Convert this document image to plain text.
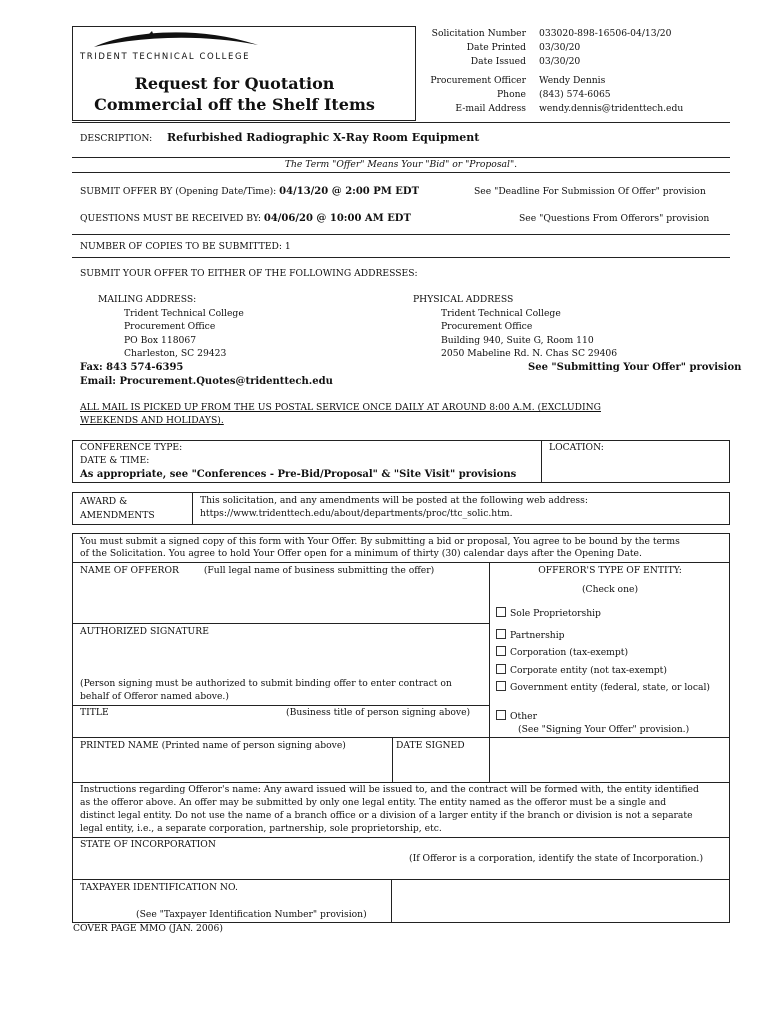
TRIDENT TECHNICAL COLLEGE
Request for Quotation
Commercial off the Shelf Items
Solicitation Number 033020-898-16506-04/13/20
Date Printed 03/30/20
Date Issued 03/30/20
Procurement Officer Wendy Dennis
Phone (843) 574-6065
E-mail Address wendy.dennis@tridenttech.edu
DESCRIPTION: Refurbished Radiographic X-Ray Room Equipment
The Term "Offer" Means Your "Bid" or "Proposal".
SUBMIT OFFER BY (Opening Date/Time): 04/13/20 @ 2:00 PM EDT	See "Deadline For Submission Of Offer" provision
QUESTIONS MUST BE RECEIVED BY: 04/06/20 @ 10:00 AM EDT	See "Questions From Offerors" provision
NUMBER OF COPIES TO BE SUBMITTED: 1
SUBMIT YOUR OFFER TO EITHER OF THE FOLLOWING ADDRESSES:
MAILING ADDRESS:
Trident Technical College
Procurement Office
PO Box 118067
Charleston, SC 29423
PHYSICAL ADDRESS
Trident Technical College
Procurement Office
Building 940, Suite G, Room 110
2050 Mabeline Rd. N. Chas SC 29406
Fax: 843 574-6395	See "Submitting Your Offer" provision
Email: Procurement.Quotes@tridenttech.edu
ALL MAIL IS PICKED UP FROM THE US POSTAL SERVICE ONCE DAILY AT AROUND 8:00 A.M. (EXCLUDING
WEEKENDS AND HOLIDAYS).
CONFERENCE TYPE:
DATE & TIME:
As appropriate, see "Conferences - Pre-Bid/Proposal" & "Site Visit" provisions
LOCATION:
AWARD &
AMENDMENTS
This solicitation, and any amendments will be posted at the following web address:
https://www.tridenttech.edu/about/departments/proc/ttc_solic.htm.
You must submit a signed copy of this form with Your Offer. By submitting a bid or proposal, You agree to be bound by the terms
of the Solicitation. You agree to hold Your Offer open for a minimum of thirty (30) calendar days after the Opening Date.
NAME OF OFFEROR	(Full legal name of business submitting the offer)	OFFEROR'S TYPE OF ENTITY:
(Check one)
Sole Proprietorship
Partnership
Corporation (tax-exempt)
Corporate entity (not tax-exempt)
Government entity (federal, state, or local)
Other
(See "Signing Your Offer" provision.)
AUTHORIZED SIGNATURE
(Person signing must be authorized to submit binding offer to enter contract on
behalf of Offeror named above.)
TITLE	(Business title of person signing above)
PRINTED NAME (Printed name of person signing above)	DATE SIGNED
Instructions regarding Offeror's name: Any award issued will be issued to, and the contract will be formed with, the entity identified
as the offeror above. An offer may be submitted by only one legal entity. The entity named as the offeror must be a single and
distinct legal entity. Do not use the name of a branch office or a division of a larger entity if the branch or division is not a separate
legal entity, i.e., a separate corporation, partnership, sole proprietorship, etc.
STATE OF INCORPORATION
(If Offeror is a corporation, identify the state of Incorporation.)
TAXPAYER IDENTIFICATION NO.
(See "Taxpayer Identification Number" provision)
COVER PAGE MMO (JAN. 2006)
